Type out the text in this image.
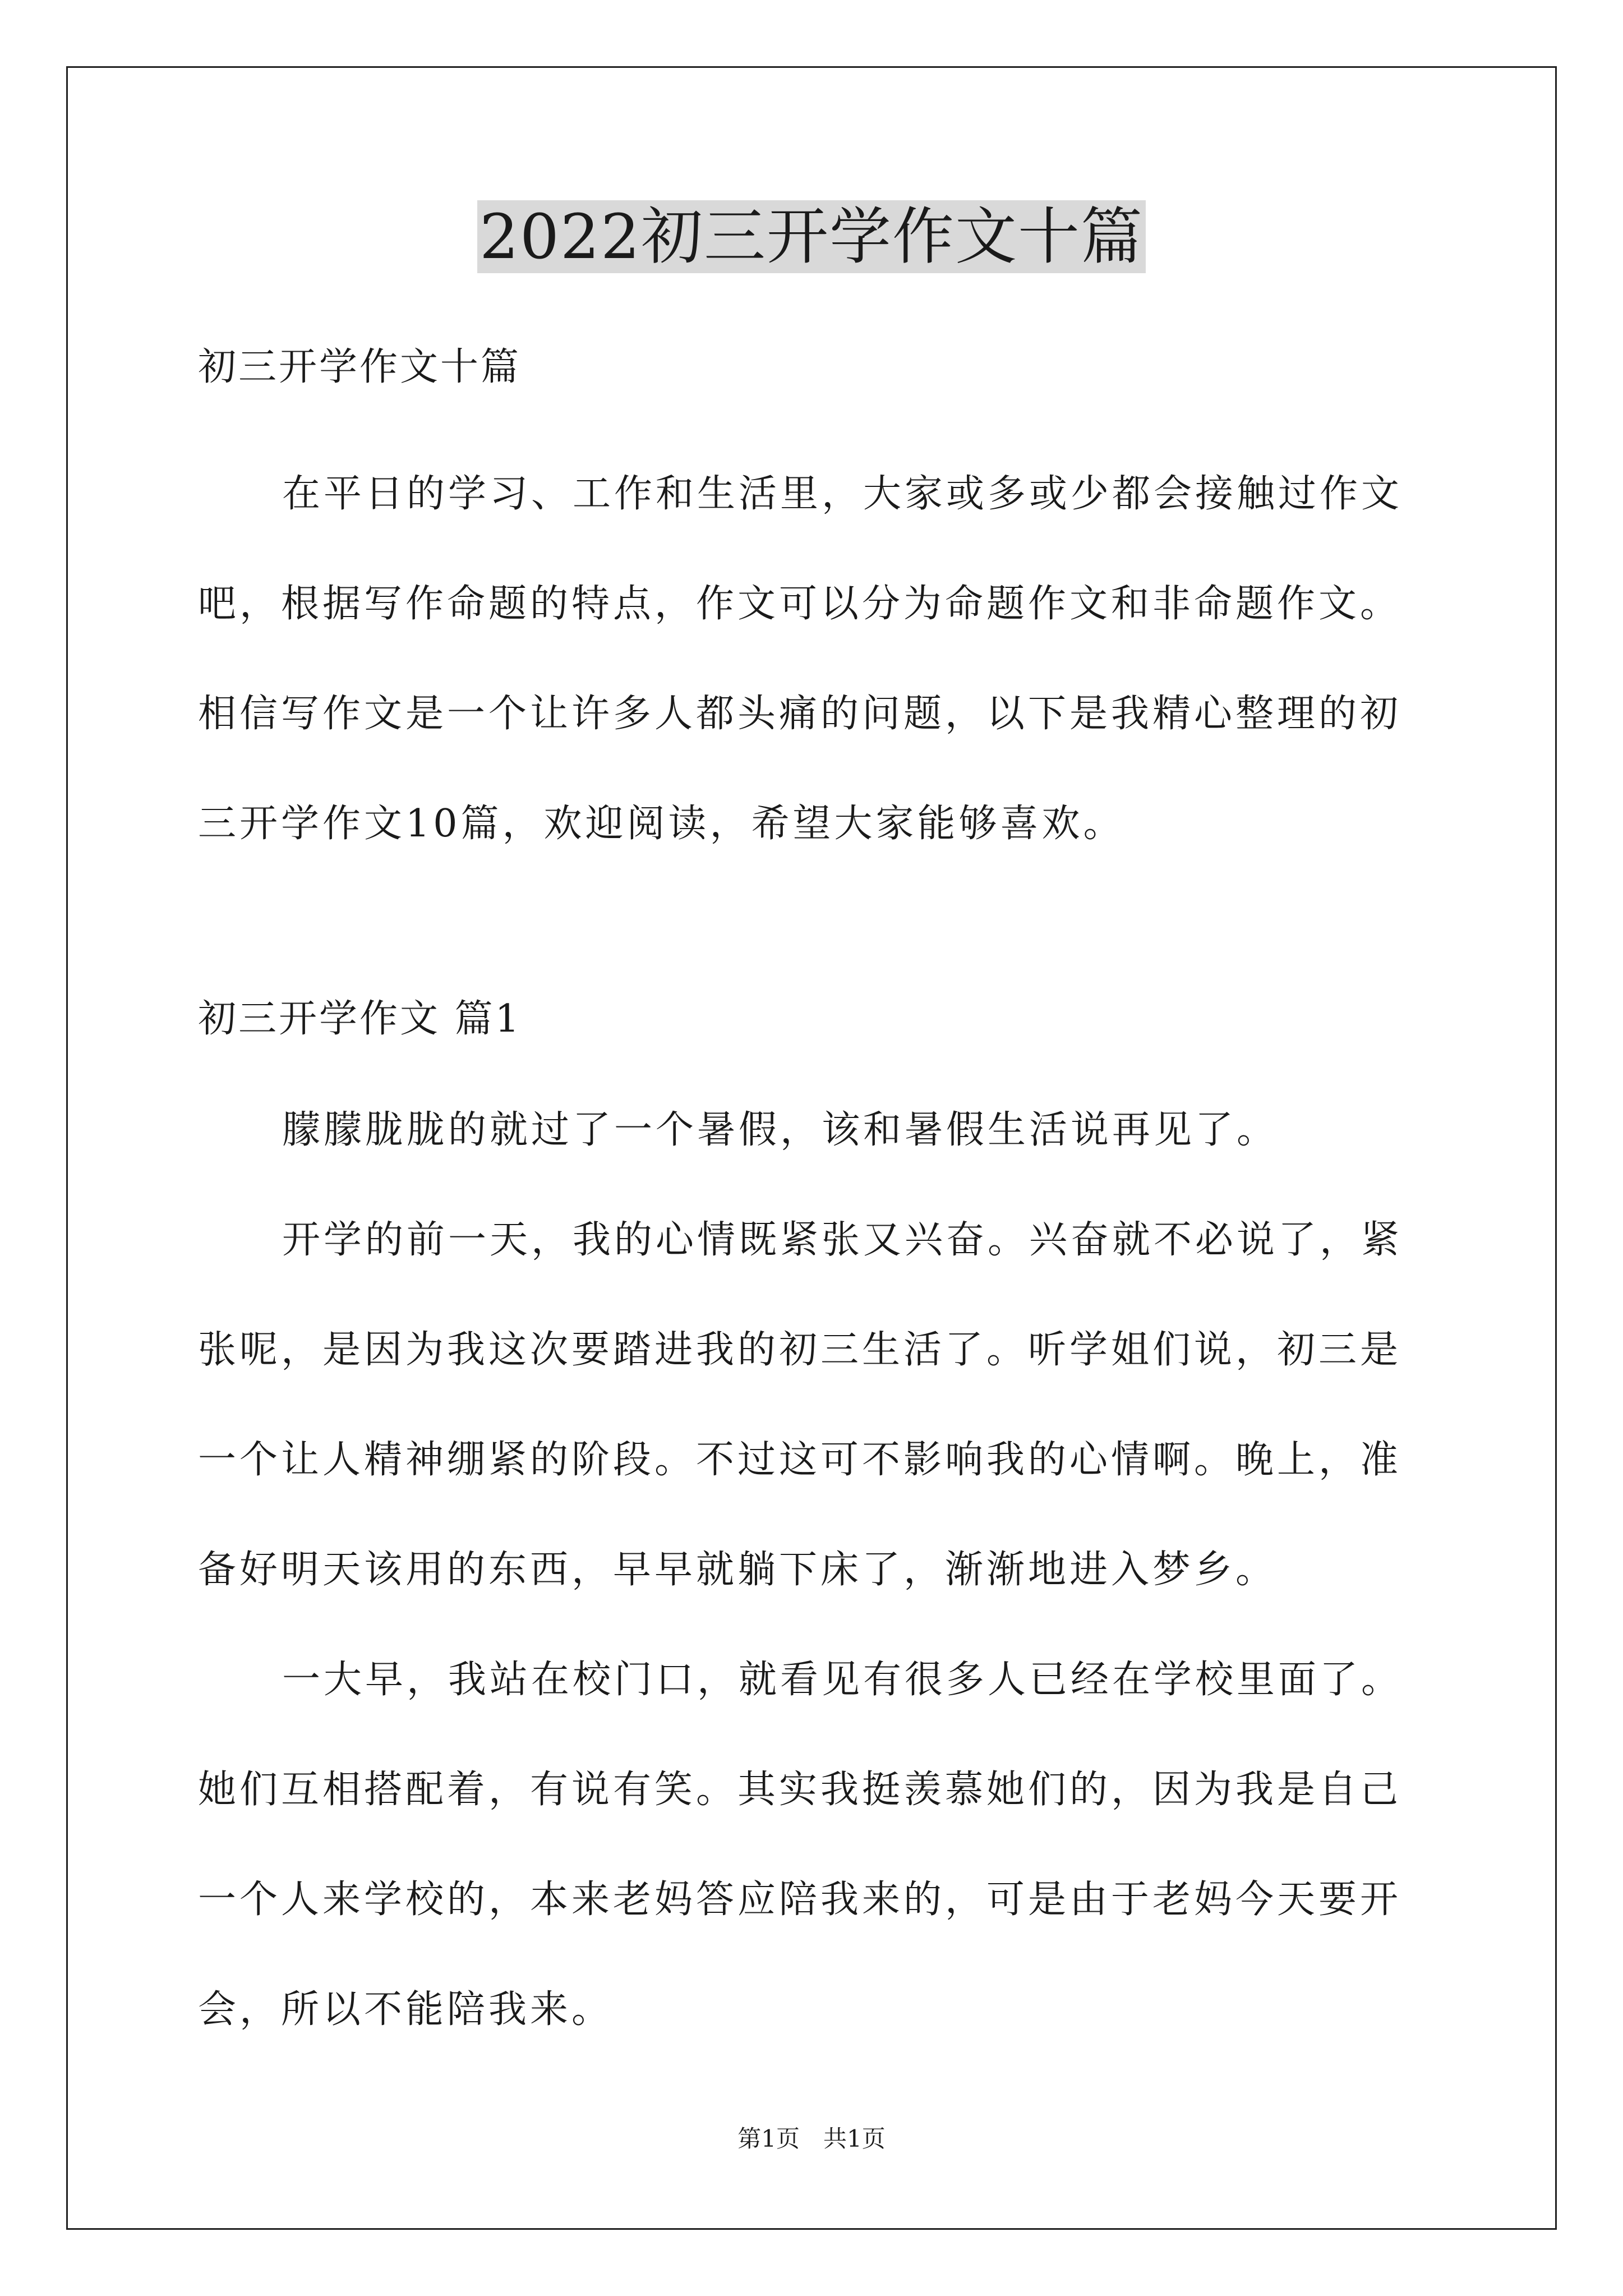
2022初三开学作文十篇

初三开学作文十篇

在平日的学习、工作和生活里，大家或多或少都会接触过作文吧，根据写作命题的特点，作文可以分为命题作文和非命题作文。相信写作文是一个让许多人都头痛的问题，以下是我精心整理的初三开学作文10篇，欢迎阅读，希望大家能够喜欢。

初三开学作文 篇1

朦朦胧胧的就过了一个暑假，该和暑假生活说再见了。

开学的前一天，我的心情既紧张又兴奋。兴奋就不必说了，紧张呢，是因为我这次要踏进我的初三生活了。听学姐们说，初三是一个让人精神绷紧的阶段。不过这可不影响我的心情啊。晚上，准备好明天该用的东西，早早就躺下床了，渐渐地进入梦乡。

一大早，我站在校门口，就看见有很多人已经在学校里面了。她们互相搭配着，有说有笑。其实我挺羡慕她们的，因为我是自己一个人来学校的，本来老妈答应陪我来的，可是由于老妈今天要开会，所以不能陪我来。

第1页　共1页
